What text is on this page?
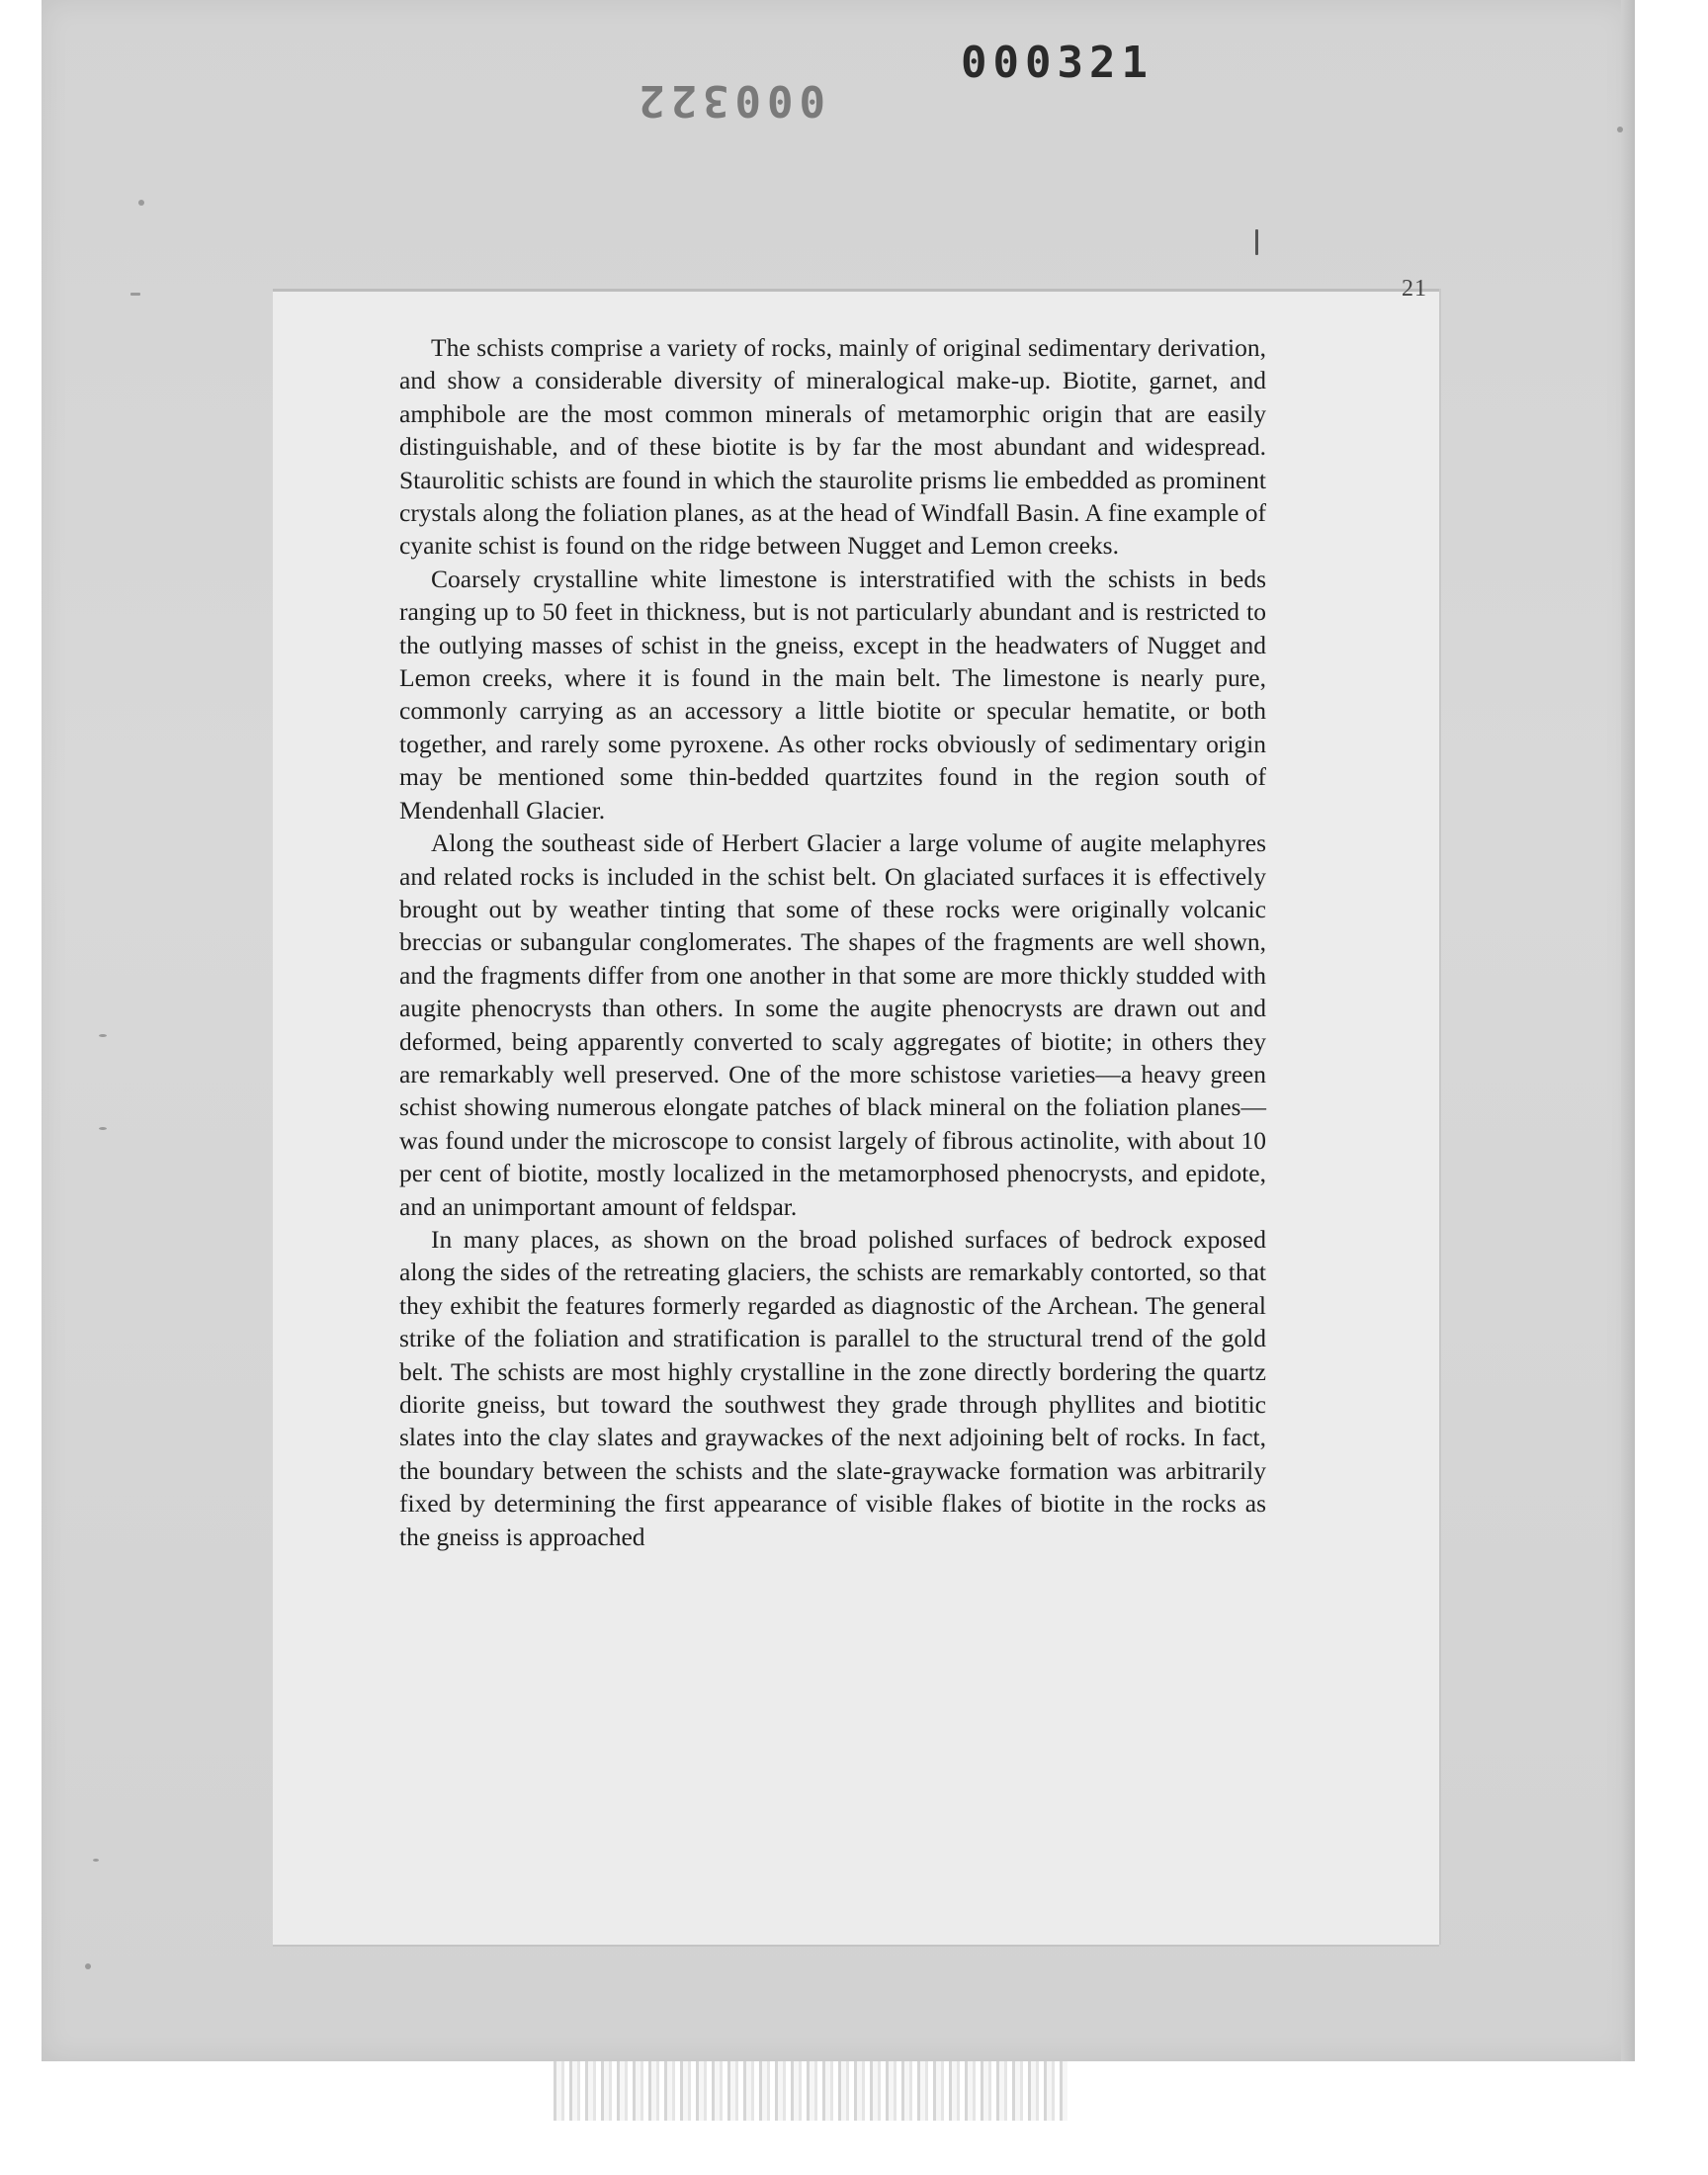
000321
000322
21

The schists comprise a variety of rocks, mainly of original sedimentary derivation, and show a considerable diversity of mineralogical make-up. Biotite, garnet, and amphibole are the most common minerals of metamorphic origin that are easily distinguishable, and of these biotite is by far the most abundant and widespread. Staurolitic schists are found in which the staurolite prisms lie embedded as prominent crystals along the foliation planes, as at the head of Windfall Basin. A fine example of cyanite schist is found on the ridge between Nugget and Lemon creeks.

Coarsely crystalline white limestone is interstratified with the schists in beds ranging up to 50 feet in thickness, but is not particularly abundant and is restricted to the outlying masses of schist in the gneiss, except in the headwaters of Nugget and Lemon creeks, where it is found in the main belt. The limestone is nearly pure, commonly carrying as an accessory a little biotite or specular hematite, or both together, and rarely some pyroxene. As other rocks obviously of sedimentary origin may be mentioned some thin-bedded quartzites found in the region south of Mendenhall Glacier.

Along the southeast side of Herbert Glacier a large volume of augite melaphyres and related rocks is included in the schist belt. On glaciated surfaces it is effectively brought out by weather tinting that some of these rocks were originally volcanic breccias or subangular conglomerates. The shapes of the fragments are well shown, and the fragments differ from one another in that some are more thickly studded with augite phenocrysts than others. In some the augite phenocrysts are drawn out and deformed, being apparently converted to scaly aggregates of biotite; in others they are remarkably well preserved. One of the more schistose varieties—a heavy green schist showing numerous elongate patches of black mineral on the foliation planes—was found under the microscope to consist largely of fibrous actinolite, with about 10 per cent of biotite, mostly localized in the metamorphosed phenocrysts, and epidote, and an unimportant amount of feldspar.

In many places, as shown on the broad polished surfaces of bedrock exposed along the sides of the retreating glaciers, the schists are remarkably contorted, so that they exhibit the features formerly regarded as diagnostic of the Archean. The general strike of the foliation and stratification is parallel to the structural trend of the gold belt. The schists are most highly crystalline in the zone directly bordering the quartz diorite gneiss, but toward the southwest they grade through phyllites and biotitic slates into the clay slates and graywackes of the next adjoining belt of rocks. In fact, the boundary between the schists and the slate-graywacke formation was arbitrarily fixed by determining the first appearance of visible flakes of biotite in the rocks as the gneiss is approached
